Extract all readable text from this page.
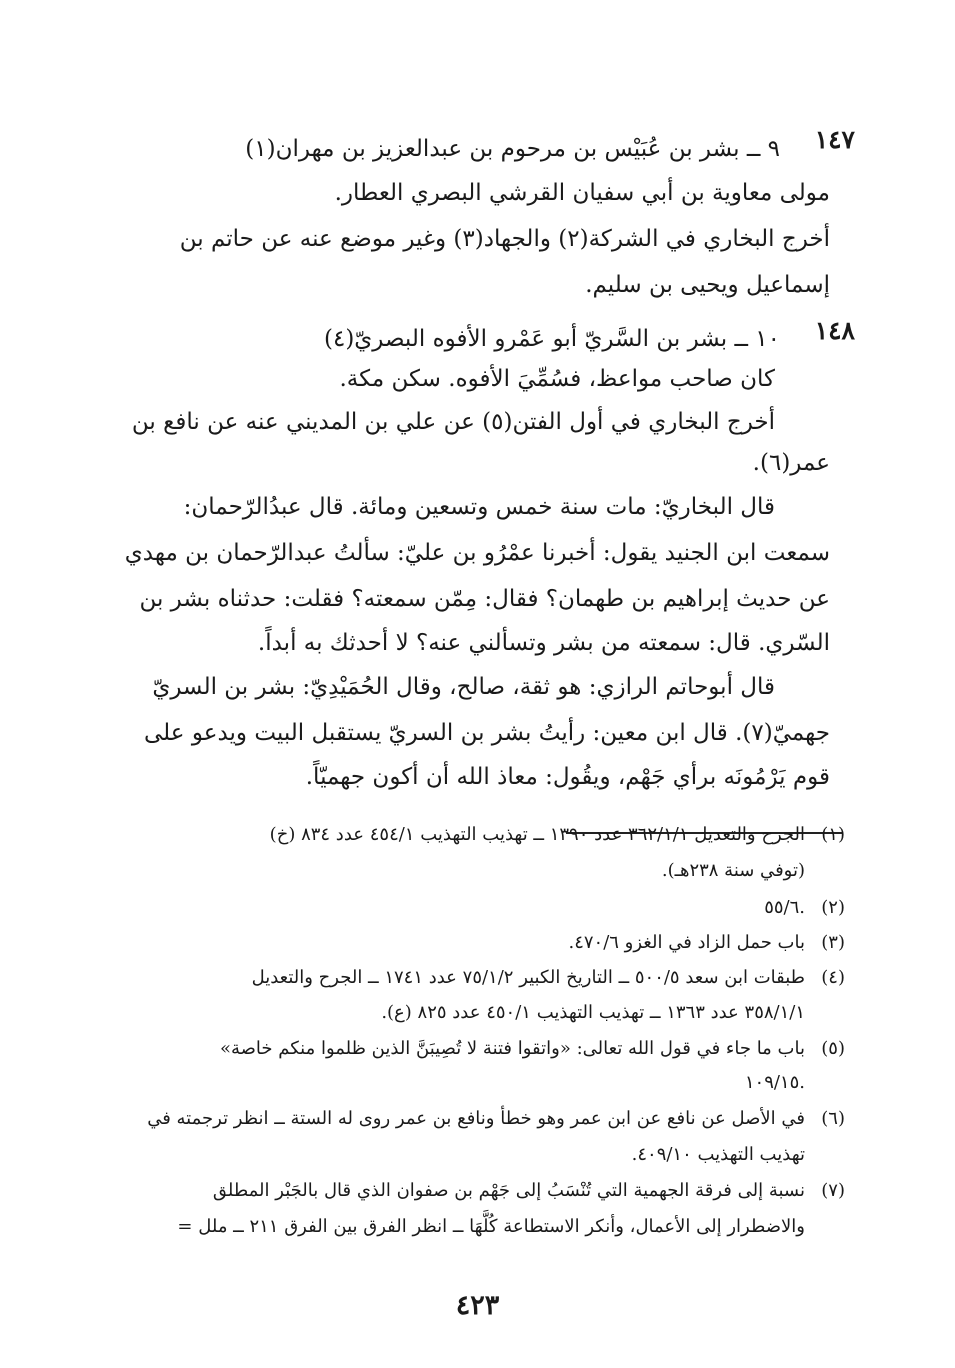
١٤٧
٩ ــ بشر بن عُبَيْس بن مرحوم بن عبدالعزيز بن مهران(١)
مولى معاوية بن أبي سفيان القرشي البصري العطار.
أخرج البخاري في الشركة(٢) والجهاد(٣) وغير موضع عنه عن حاتم بن
إسماعيل ويحيى بن سليم.
١٤٨
١٠ ــ بشر بن السَّريّ أبو عَمْرو الأفوه البصريّ(٤)
كان صاحب مواعظ، فسُمِّيَ الأفوه. سكن مكة.
أخرج البخاري في أول الفتن(٥) عن علي بن المديني عنه عن نافع بن
عمر(٦).
قال البخاريّ: مات سنة خمس وتسعين ومائة. قال عبدُالرّحمان:
سمعت ابن الجنيد يقول: أخبرنا عمْرُو بن عليّ: سألتُ عبدالرّحمان بن مهدي
عن حديث إبراهيم بن طهمان؟ فقال: مِمّن سمعته؟ فقلت: حدثناه بشر بن
السّري. قال: سمعته من بشر وتسألني عنه؟ لا أحدثك به أبداً.
قال أبوحاتم الرازي: هو ثقة، صالح، وقال الحُمَيْدِيّ: بشر بن السريّ
جهميّ(٧). قال ابن معين: رأيتُ بشر بن السريّ يستقبل البيت ويدعو على
قوم يَرْمُونَه برأي جَهْم، ويقُول: معاذ الله أن أكون جهميّاً.
(١)
الجرح والتعديل ٣٦٢/١/١ عدد ١٣٩٠ ــ تهذيب التهذيب ٤٥٤/١ عدد ٨٣٤ (خ)
(توفي سنة ٢٣٨هـ).
(٢)
٥٥/٦.
(٣)
باب حمل الزاد في الغزو ٤٧٠/٦.
(٤)
طبقات ابن سعد ٥٠٠/٥ ــ التاريخ الكبير ٧٥/١/٢ عدد ١٧٤١ ــ الجرح والتعديل
٣٥٨/١/١ عدد ١٣٦٣ ــ تهذيب التهذيب ٤٥٠/١ عدد ٨٢٥ (ع).
(٥)
باب ما جاء في قول الله تعالى: «واتقوا فتنة لا تُصِيبَنَّ الذين ظلموا منكم خاصة»
١٠٩/١٥.
(٦)
في الأصل عن نافع عن ابن عمر وهو خطأ ونافع بن عمر روى له الستة ــ انظر ترجمته في
تهذيب التهذيب ٤٠٩/١٠.
(٧)
نسبة إلى فرقة الجهمية التي تُنْسَبُ إلى جَهْم بن صفوان الذي قال بالجَبْر المطلق
والاضطرار إلى الأعمال، وأنكر الاستطاعة كُلَّهَا ــ انظر الفرق بين الفرق ٢١١ ــ ملل =
٤٢٣
